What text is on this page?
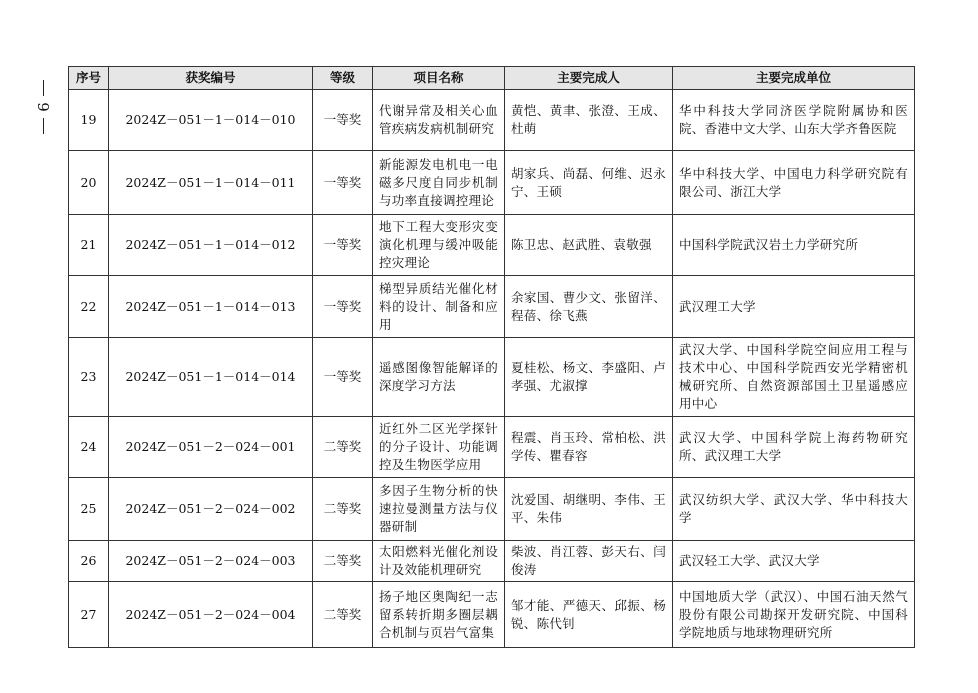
9
序号	获奖编号	等级	项目名称	主要完成人	主要完成单位
19	2024Z－051－1－014－010	一等奖	代谢异常及相关心血管疾病发病机制研究	黄恺、黄聿、张澄、王成、杜萌	华中科技大学同济医学院附属协和医院、香港中文大学、山东大学齐鲁医院
20	2024Z－051－1－014－011	一等奖	新能源发电机电一电磁多尺度自同步机制与功率直接调控理论	胡家兵、尚磊、何维、迟永宁、王硕	华中科技大学、中国电力科学研究院有限公司、浙江大学
21	2024Z－051－1－014－012	一等奖	地下工程大变形灾变演化机理与缓冲吸能控灾理论	陈卫忠、赵武胜、袁敬强	中国科学院武汉岩土力学研究所
22	2024Z－051－1－014－013	一等奖	梯型异质结光催化材料的设计、制备和应用	余家国、曹少文、张留洋、程蓓、徐飞燕	武汉理工大学
23	2024Z－051－1－014－014	一等奖	遥感图像智能解译的深度学习方法	夏桂松、杨文、李盛阳、卢孝强、尤淑撑	武汉大学、中国科学院空间应用工程与技术中心、中国科学院西安光学精密机械研究所、自然资源部国土卫星遥感应用中心
24	2024Z－051－2－024－001	二等奖	近红外二区光学探针的分子设计、功能调控及生物医学应用	程震、肖玉玲、常柏松、洪学传、瞿春容	武汉大学、中国科学院上海药物研究所、武汉理工大学
25	2024Z－051－2－024－002	二等奖	多因子生物分析的快速拉曼测量方法与仪器研制	沈爱国、胡继明、李伟、王平、朱伟	武汉纺织大学、武汉大学、华中科技大学
26	2024Z－051－2－024－003	二等奖	太阳燃料光催化剂设计及效能机理研究	柴波、肖江蓉、彭天右、闫俊涛	武汉轻工大学、武汉大学
27	2024Z－051－2－024－004	二等奖	扬子地区奥陶纪一志留系转折期多圈层耦合机制与页岩气富集	邹才能、严德天、邱振、杨锐、陈代钊	中国地质大学（武汉）、中国石油天然气股份有限公司勘探开发研究院、中国科学院地质与地球物理研究所
